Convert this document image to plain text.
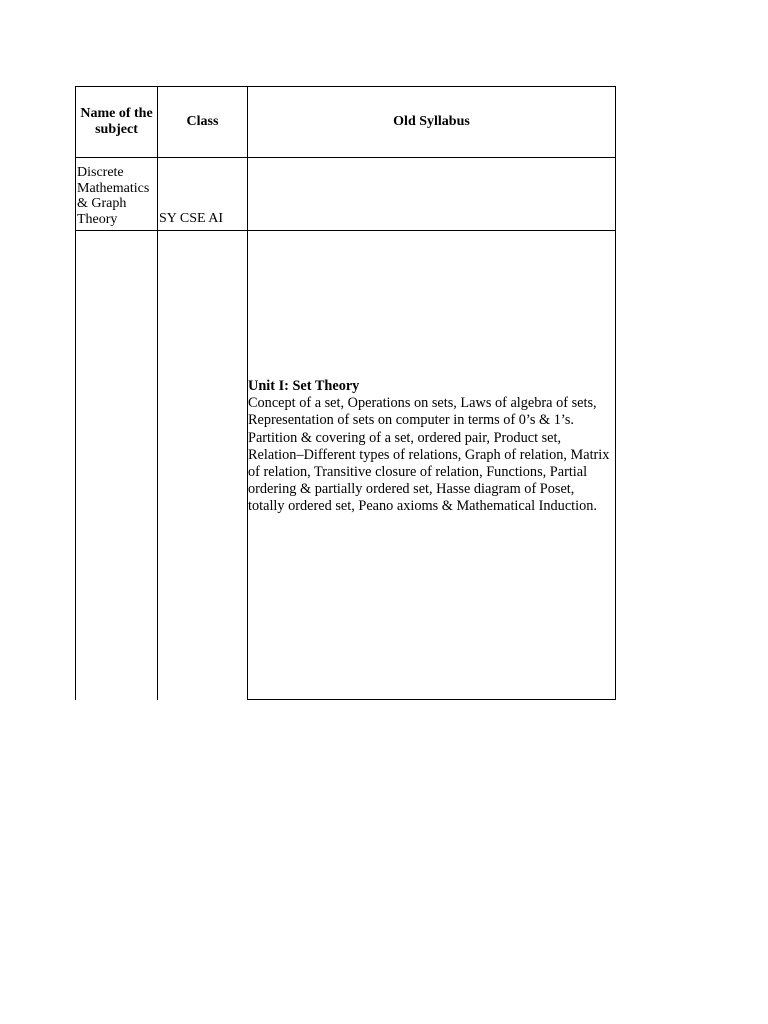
Name of the subject
Class	Old Syllabus
Discrete Mathematics & Graph Theory	SY CSE AI
Unit I: Set Theory
Concept of a set, Operations on sets, Laws of algebra of sets, Representation of sets on computer in terms of 0’s & 1’s. Partition & covering of a set, ordered pair, Product set, Relation–Different types of relations, Graph of relation, Matrix of relation, Transitive closure of relation, Functions, Partial ordering & partially ordered set, Hasse diagram of Poset, totally ordered set, Peano axioms & Mathematical Induction.
